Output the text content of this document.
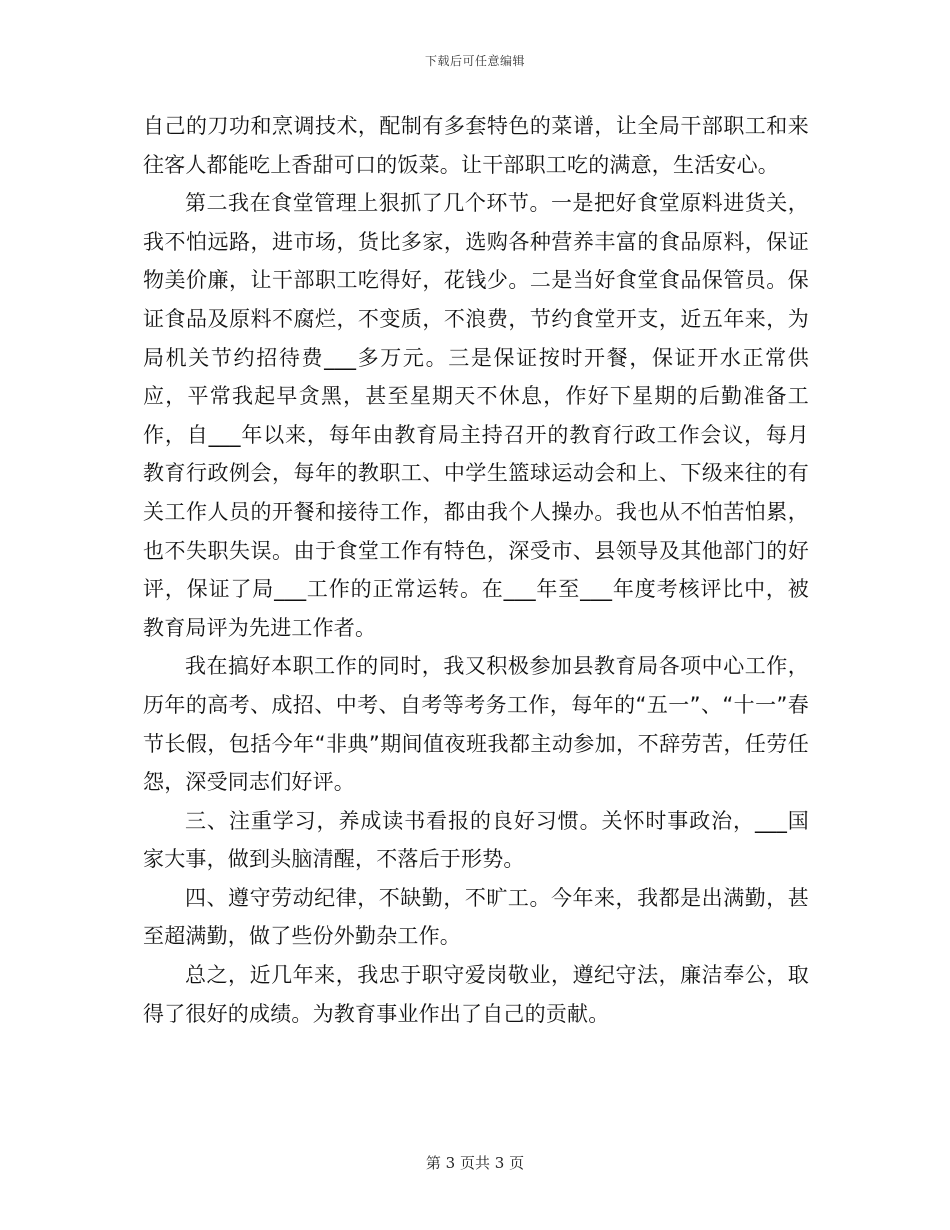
下载后可任意编辑

自己的刀功和烹调技术，配制有多套特色的菜谱，让全局干部职工和来往客人都能吃上香甜可口的饭菜。让干部职工吃的满意，生活安心。

第二我在食堂管理上狠抓了几个环节。一是把好食堂原料进货关，我不怕远路，进市场，货比多家，选购各种营养丰富的食品原料，保证物美价廉，让干部职工吃得好，花钱少。二是当好食堂食品保管员。保证食品及原料不腐烂，不变质，不浪费，节约食堂开支，近五年来，为局机关节约招待费___多万元。三是保证按时开餐，保证开水正常供应，平常我起早贪黑，甚至星期天不休息，作好下星期的后勤准备工作，自___年以来，每年由教育局主持召开的教育行政工作会议，每月教育行政例会，每年的教职工、中学生篮球运动会和上、下级来往的有关工作人员的开餐和接待工作，都由我个人操办。我也从不怕苦怕累，也不失职失误。由于食堂工作有特色，深受市、县领导及其他部门的好评，保证了局___工作的正常运转。在___年至___年度考核评比中，被教育局评为先进工作者。

我在搞好本职工作的同时，我又积极参加县教育局各项中心工作，历年的高考、成招、中考、自考等考务工作，每年的“五一”、“十一”春节长假，包括今年“非典”期间值夜班我都主动参加，不辞劳苦，任劳任怨，深受同志们好评。

三、注重学习，养成读书看报的良好习惯。关怀时事政治，___国家大事，做到头脑清醒，不落后于形势。

四、遵守劳动纪律，不缺勤，不旷工。今年来，我都是出满勤，甚至超满勤，做了些份外勤杂工作。

总之，近几年来，我忠于职守爱岗敬业，遵纪守法，廉洁奉公，取得了很好的成绩。为教育事业作出了自己的贡献。

第 3 页共 3 页
